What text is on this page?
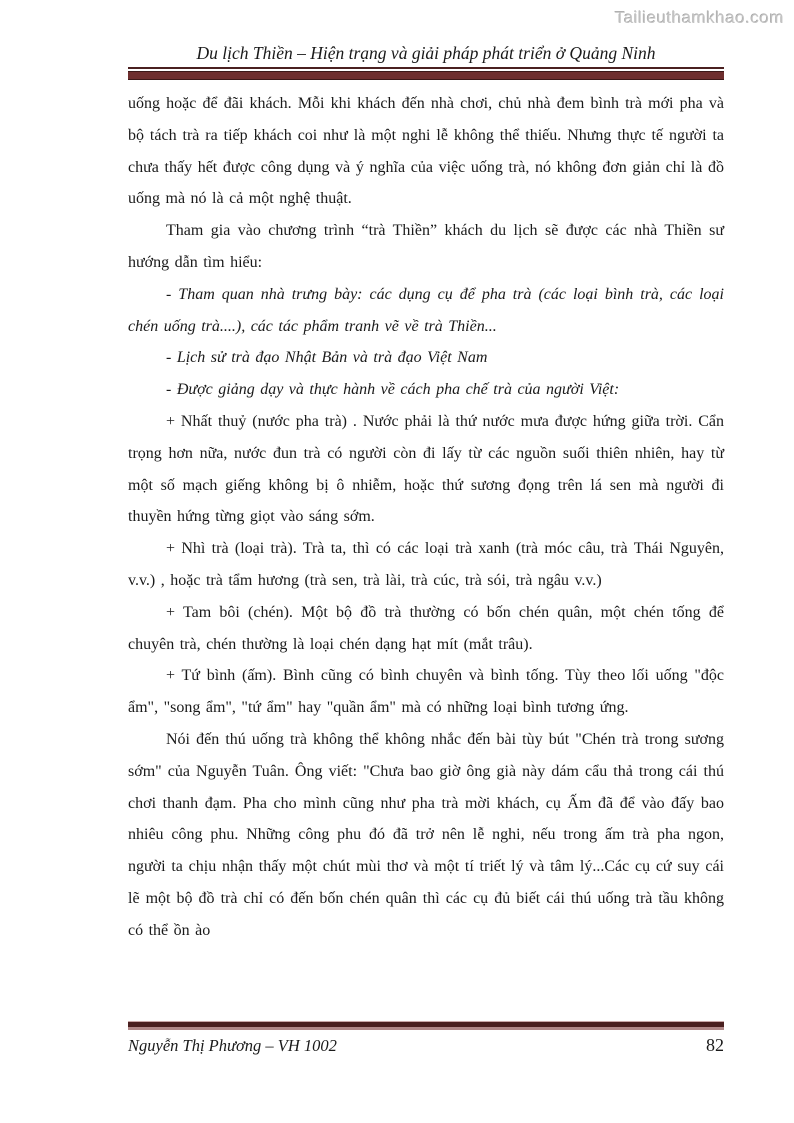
Tailieuthamkhao.com
Du lịch Thiền – Hiện trạng và giải pháp phát triển ở Quảng Ninh

uống hoặc để đãi khách. Mỗi khi khách đến nhà chơi, chủ nhà đem bình trà mới pha và bộ tách trà ra tiếp khách coi như là một nghi lễ không thể thiếu. Nhưng thực tế người ta chưa thấy hết được công dụng và ý nghĩa của việc uống trà, nó không đơn giản chỉ là đồ uống mà nó là cả một nghệ thuật.

Tham gia vào chương trình “trà Thiền” khách du lịch sẽ được các nhà Thiền sư hướng dẫn tìm hiểu:

- Tham quan nhà trưng bày: các dụng cụ để pha trà (các loại bình trà, các loại chén uống trà....), các tác phẩm tranh vẽ về trà Thiền...

- Lịch sử trà đạo Nhật Bản và trà đạo Việt Nam

- Được giảng dạy và thực hành về cách pha chế trà của người Việt:

+ Nhất thuỷ (nước pha trà) . Nước phải là thứ nước mưa được hứng giữa trời. Cẩn trọng hơn nữa, nước đun trà có người còn đi lấy từ các nguồn suối thiên nhiên, hay từ một số mạch giếng không bị ô nhiễm, hoặc thứ sương đọng trên lá sen mà người đi thuyền hứng từng giọt vào sáng sớm.

+ Nhì trà (loại trà). Trà ta, thì có các loại trà xanh (trà móc câu, trà Thái Nguyên, v.v.) , hoặc trà tẩm hương (trà sen, trà lài, trà cúc, trà sói, trà ngâu v.v.)

+ Tam bôi (chén). Một bộ đồ trà thường có bốn chén quân, một chén tống để chuyên trà, chén thường là loại chén dạng hạt mít (mắt trâu).

+ Tứ bình (ấm). Bình cũng có bình chuyên và bình tống. Tùy theo lối uống "độc ẩm", "song ẩm", "tứ ẩm" hay "quần ẩm" mà có những loại bình tương ứng.

Nói đến thú uống trà không thể không nhắc đến bài tùy bút "Chén trà trong sương sớm" của Nguyễn Tuân. Ông viết: "Chưa bao giờ ông già này dám cẩu thả trong cái thú chơi thanh đạm. Pha cho mình cũng như pha trà mời khách, cụ Ấm đã để vào đấy bao nhiêu công phu. Những công phu đó đã trở nên lễ nghi, nếu trong ấm trà pha ngon, người ta chịu nhận thấy một chút mùi thơ và một tí triết lý và tâm lý...Các cụ cứ suy cái lẽ một bộ đồ trà chỉ có đến bốn chén quân thì các cụ đủ biết cái thú uống trà tầu không có thể ồn ào

Nguyễn Thị Phương – VH 1002	82
